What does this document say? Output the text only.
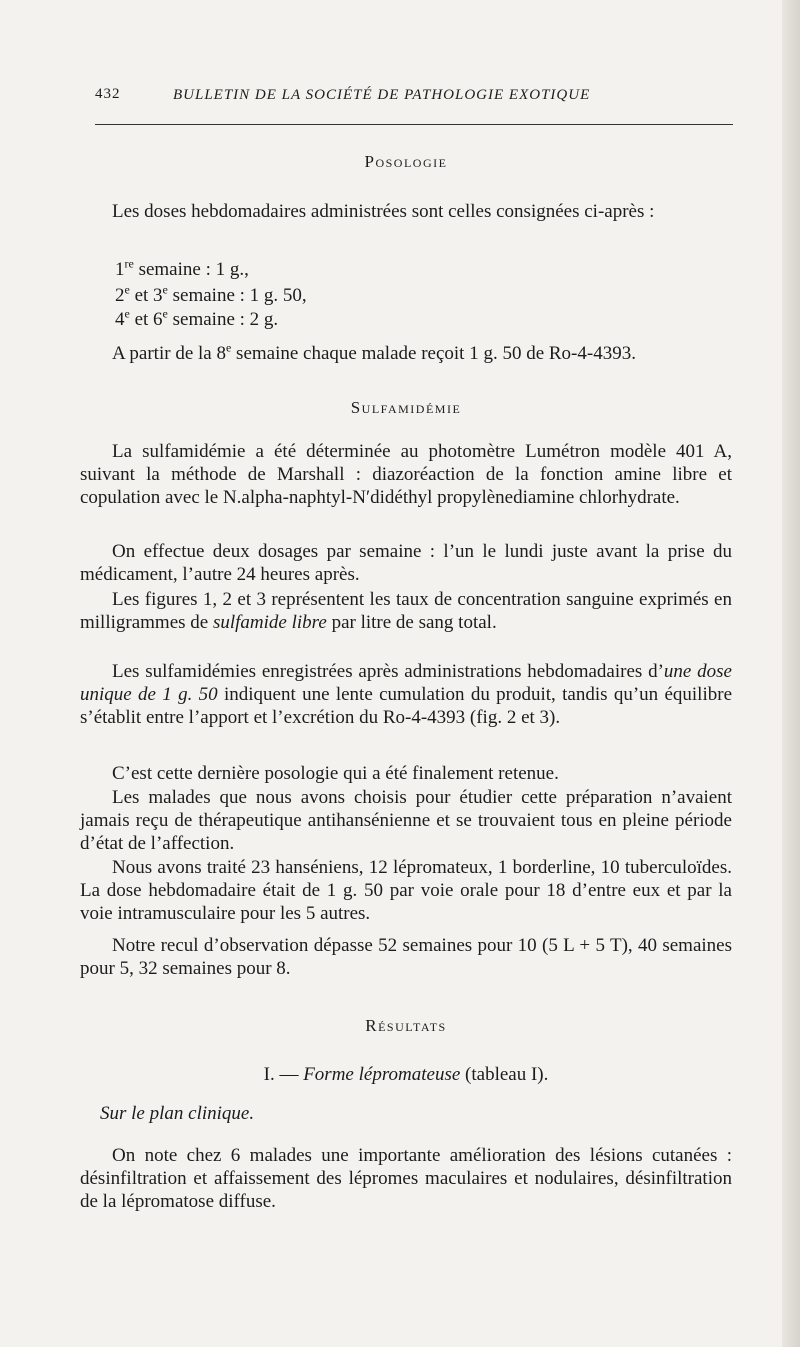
432	BULLETIN DE LA SOCIÉTÉ DE PATHOLOGIE EXOTIQUE
Posologie

Les doses hebdomadaires administrées sont celles consignées ci-après :

1re semaine : 1 g.,
2e et 3e semaine : 1 g. 50,
4e et 6e semaine : 2 g.

A partir de la 8e semaine chaque malade reçoit 1 g. 50 de Ro-4-4393.

Sulfamidémie

La sulfamidémie a été déterminée au photomètre Lumétron modèle 401 A, suivant la méthode de Marshall : diazoréaction de la fonction amine libre et copulation avec le N.alpha-naphtyl-N′didéthyl propylènediamine chlorhydrate.

On effectue deux dosages par semaine : l’un le lundi juste avant la prise du médicament, l’autre 24 heures après.

Les figures 1, 2 et 3 représentent les taux de concentration sanguine exprimés en milligrammes de sulfamide libre par litre de sang total.

Les sulfamidémies enregistrées après administrations hebdomadaires d’une dose unique de 1 g. 50 indiquent une lente cumulation du produit, tandis qu’un équilibre s’établit entre l’apport et l’excrétion du Ro-4-4393 (fig. 2 et 3).

C’est cette dernière posologie qui a été finalement retenue.

Les malades que nous avons choisis pour étudier cette préparation n’avaient jamais reçu de thérapeutique antihansénienne et se trouvaient tous en pleine période d’état de l’affection.

Nous avons traité 23 hanséniens, 12 lépromateux, 1 borderline, 10 tuberculoïdes. La dose hebdomadaire était de 1 g. 50 par voie orale pour 18 d’entre eux et par la voie intramusculaire pour les 5 autres.

Notre recul d’observation dépasse 52 semaines pour 10 (5 L + 5 T), 40 semaines pour 5, 32 semaines pour 8.

Résultats
I. — Forme lépromateuse (tableau I).

Sur le plan clinique.

On note chez 6 malades une importante amélioration des lésions cutanées : désinfiltration et affaissement des lépromes maculaires et nodulaires, désinfiltration de la lépromatose diffuse.
